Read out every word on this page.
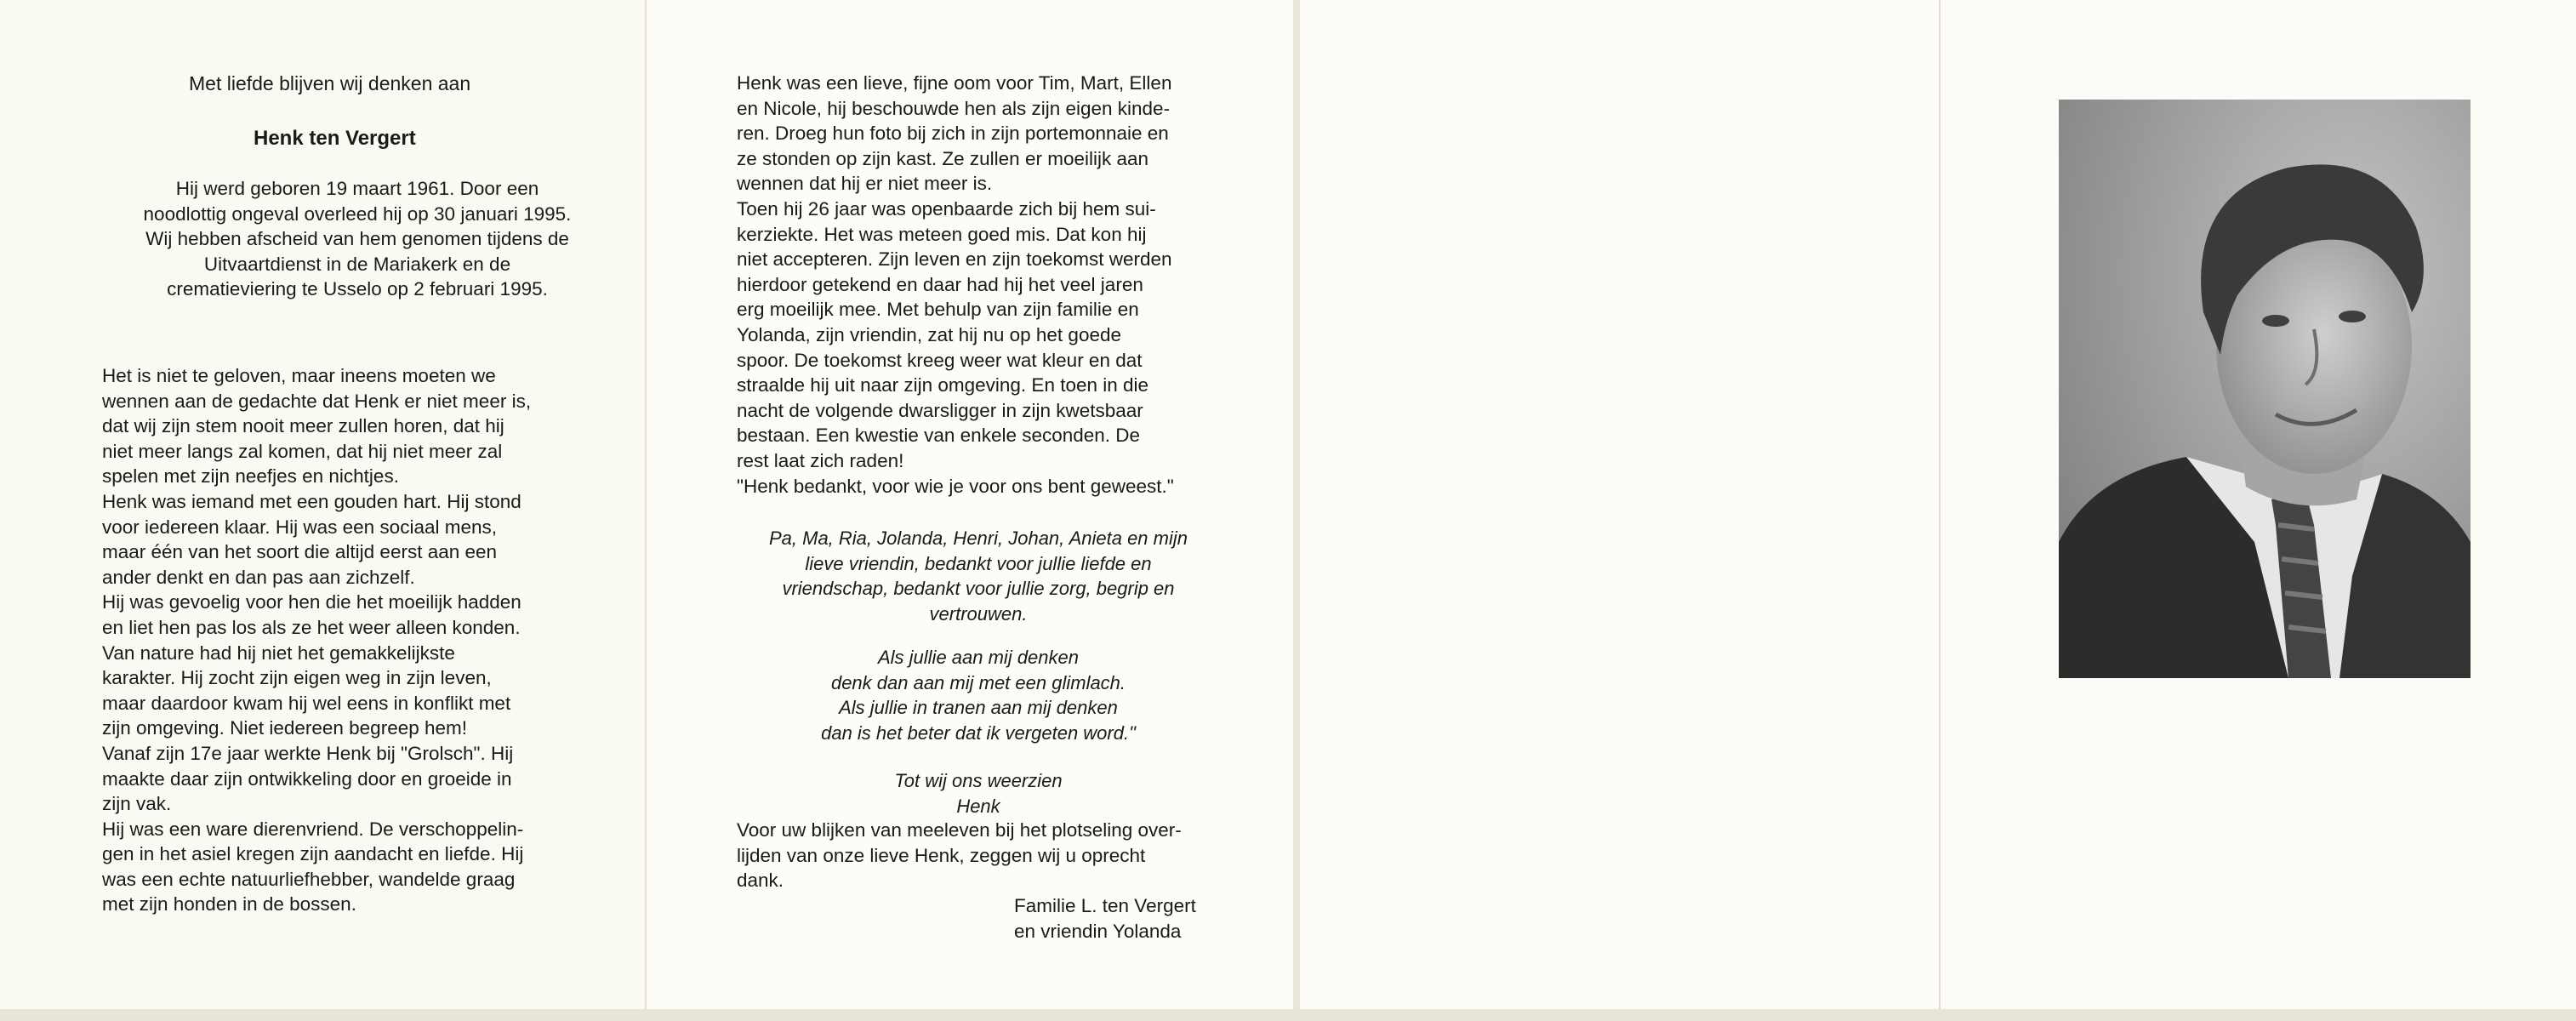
Met liefde blijven wij denken aan
Henk ten Vergert
Hij werd geboren 19 maart 1961. Door een
noodlottig ongeval overleed hij op 30 januari 1995.
Wij hebben afscheid van hem genomen tijdens de
Uitvaartdienst in de Mariakerk en de
crematieviering te Usselo op 2 februari 1995.
Het is niet te geloven, maar ineens moeten we
wennen aan de gedachte dat Henk er niet meer is,
dat wij zijn stem nooit meer zullen horen, dat hij
niet meer langs zal komen, dat hij niet meer zal
spelen met zijn neefjes en nichtjes.
Henk was iemand met een gouden hart. Hij stond
voor iedereen klaar. Hij was een sociaal mens,
maar één van het soort die altijd eerst aan een
ander denkt en dan pas aan zichzelf.
Hij was gevoelig voor hen die het moeilijk hadden
en liet hen pas los als ze het weer alleen konden.
Van nature had hij niet het gemakkelijkste
karakter. Hij zocht zijn eigen weg in zijn leven,
maar daardoor kwam hij wel eens in konflikt met
zijn omgeving. Niet iedereen begreep hem!
Vanaf zijn 17e jaar werkte Henk bij "Grolsch". Hij
maakte daar zijn ontwikkeling door en groeide in
zijn vak.
Hij was een ware dierenvriend. De verschoppelin-
gen in het asiel kregen zijn aandacht en liefde. Hij
was een echte natuurliefhebber, wandelde graag
met zijn honden in de bossen.
Henk was een lieve, fijne oom voor Tim, Mart, Ellen
en Nicole, hij beschouwde hen als zijn eigen kinde-
ren. Droeg hun foto bij zich in zijn portemonnaie en
ze stonden op zijn kast. Ze zullen er moeilijk aan
wennen dat hij er niet meer is.
Toen hij 26 jaar was openbaarde zich bij hem sui-
kerziekte. Het was meteen goed mis. Dat kon hij
niet accepteren. Zijn leven en zijn toekomst werden
hierdoor getekend en daar had hij het veel jaren
erg moeilijk mee. Met behulp van zijn familie en
Yolanda, zijn vriendin, zat hij nu op het goede
spoor. De toekomst kreeg weer wat kleur en dat
straalde hij uit naar zijn omgeving. En toen in die
nacht de volgende dwarsligger in zijn kwetsbaar
bestaan. Een kwestie van enkele seconden. De
rest laat zich raden!
"Henk bedankt, voor wie je voor ons bent geweest."
Pa, Ma, Ria, Jolanda, Henri, Johan, Anieta en mijn
lieve vriendin, bedankt voor jullie liefde en
vriendschap, bedankt voor jullie zorg, begrip en
vertrouwen.
Als jullie aan mij denken
denk dan aan mij met een glimlach.
Als jullie in tranen aan mij denken
dan is het beter dat ik vergeten word."
Tot wij ons weerzien
Henk
Voor uw blijken van meeleven bij het plotseling over-
lijden van onze lieve Henk, zeggen wij u oprecht
dank.
Familie L. ten Vergert
en vriendin Yolanda
